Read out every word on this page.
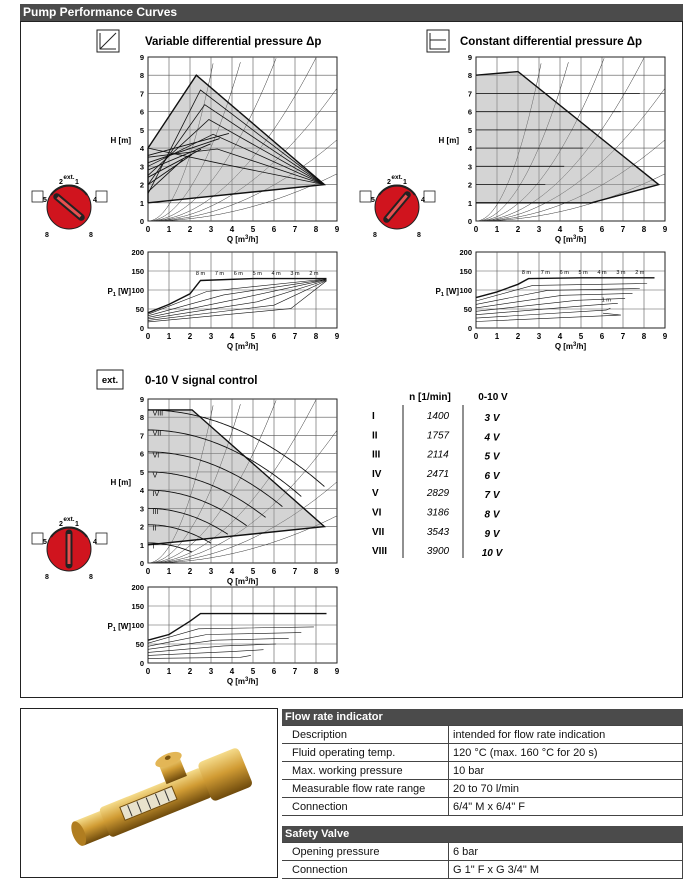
Pump Performance Curves
0 1 2 3 4 5 6 7 8 9
0
1
2
3
4
5
6
7
8
9
Q $[m^3/h]$
H [m]
0 1 2 3 4 5 6 7 8 9
0
1
2
3
4
5
6
7
8
9
Q $[m^3/h]$
H [m]
0 1 2 3 4 5 6 7 8 9
0
50
100
150
200
Q $[m^3/h]$
$P_1$ [W]
8 m 7 m 6 m 5 m 4 m 3 m 2 m
0 1 2 3 4 5 6 7 8 9
0
50
100
150
200
Q $[m^3/h]$
$P_1$ [W]
8 m 7 m 6 m 5 m 4 m 3 m 2 m
1 m
0 1 2 3 4 5 6 7 8 9
0
1
2
3
4
5
6
7
8
9
Q $[m^3/h]$
H [m]
VIII
VII
VI
V
IV
III
II
I
0 1 2 3 4 5 6 7 8 9
0
50
100
150
200
Q $[m^3/h]$
$P_1$ [W]
Variable differential pressure Δp	Constant differential pressure Δp
ext. 0-10 V signal control
ext.
2 1
5	4
8	8
ext.
2 1
5	4
8	8
ext.
2 1
5	4
8	8
n [1/min]	0-10 V
I	1400	3 V
II	1757	4 V
III	2114	5 V
IV	2471	6 V
V	2829	7 V
VI	3186	8 V
VII	3543	9 V
VIII	3900	10 V
Flow rate indicator	
Description	intended for flow rate indication
Fluid operating temp.	120 °C (max. 160 °C for 20 s)
Max. working pressure	10 bar
Measurable flow rate range	20 to 70 l/min
Connection	6/4" M x 6/4" F
Safety Valve	
Opening pressure	6 bar
Connection	G 1" F x G 3/4" M
